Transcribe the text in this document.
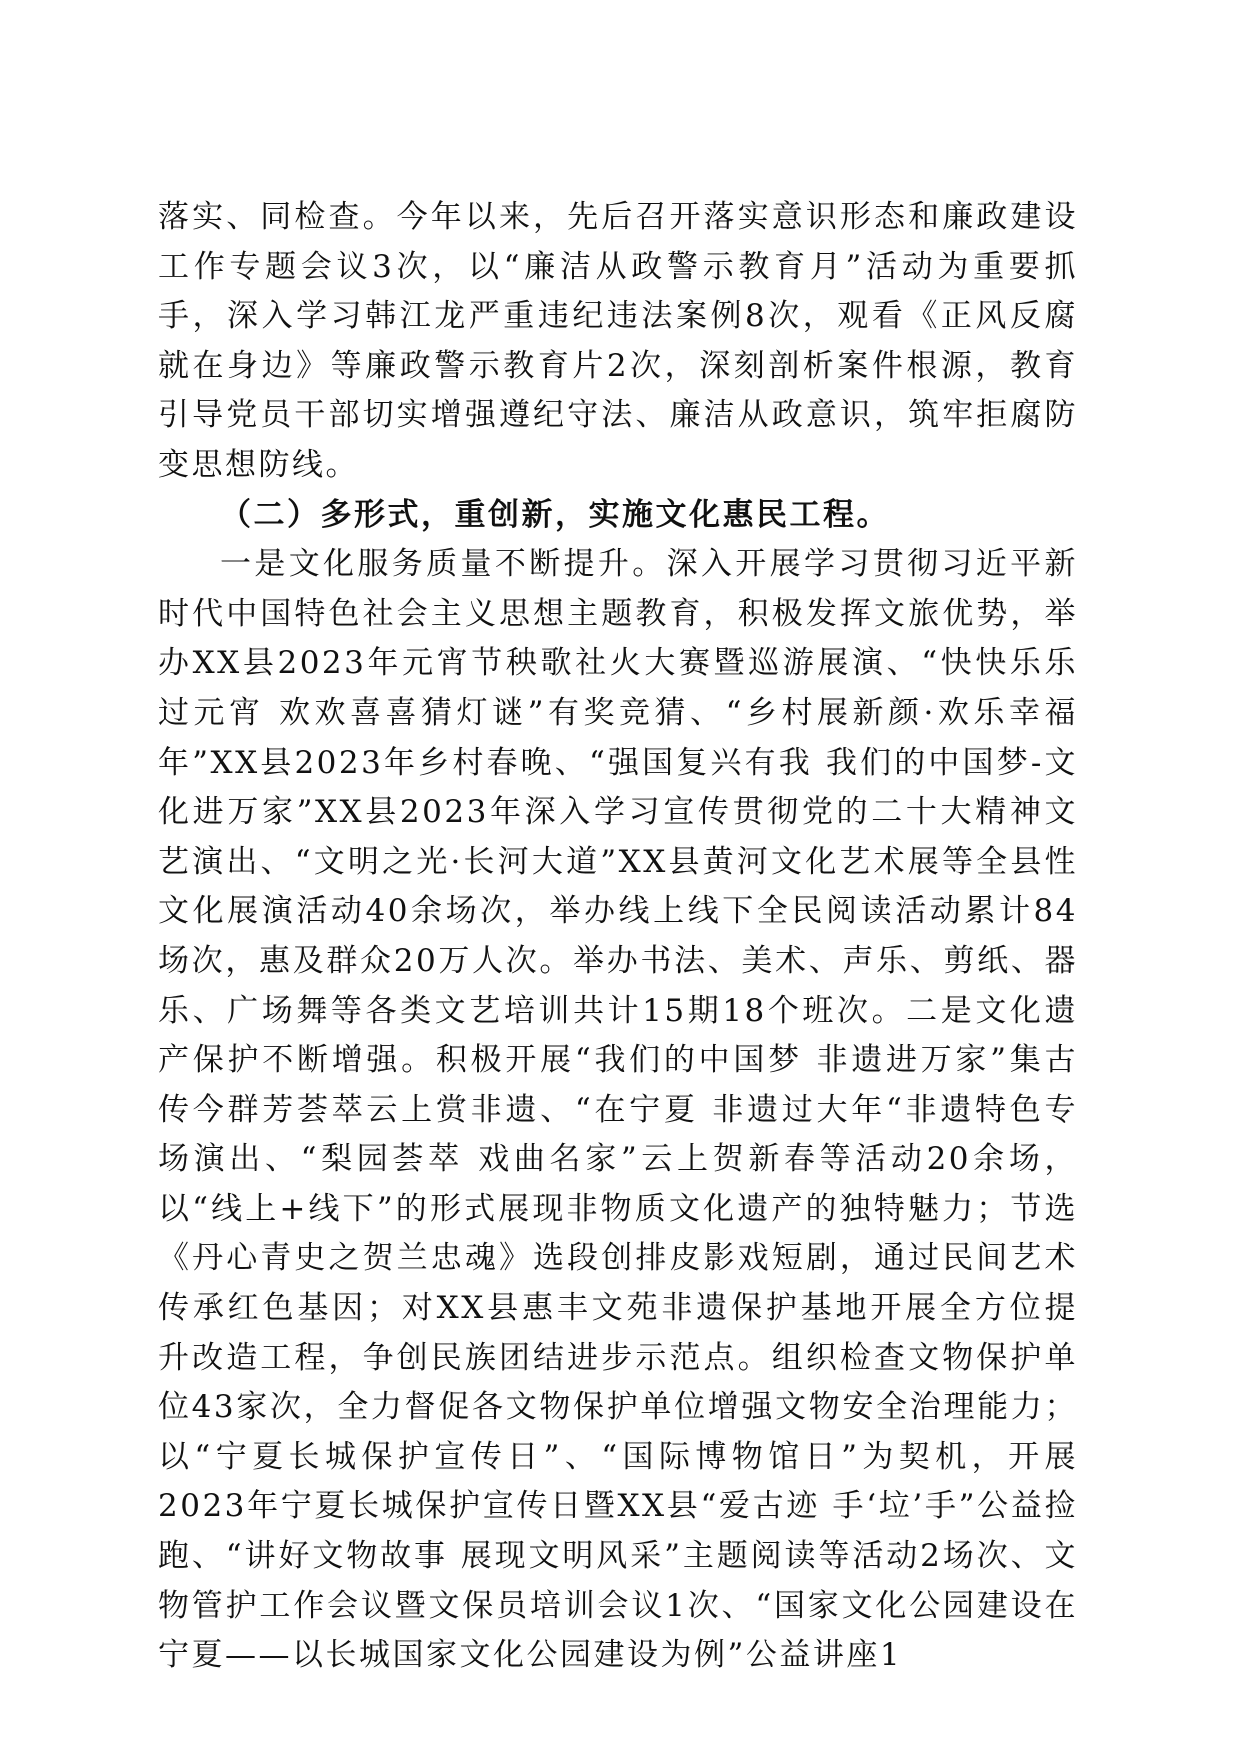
落实、同检查。今年以来，先后召开落实意识形态和廉政建设工作专题会议3次，以“廉洁从政警示教育月”活动为重要抓手，深入学习韩江龙严重违纪违法案例8次，观看《正风反腐就在身边》等廉政警示教育片2次，深刻剖析案件根源，教育引导党员干部切实增强遵纪守法、廉洁从政意识，筑牢拒腐防变思想防线。

（二）多形式，重创新，实施文化惠民工程。

一是文化服务质量不断提升。深入开展学习贯彻习近平新时代中国特色社会主义思想主题教育，积极发挥文旅优势，举办XX县2023年元宵节秧歌社火大赛暨巡游展演、“快快乐乐过元宵 欢欢喜喜猜灯谜”有奖竞猜、“乡村展新颜·欢乐幸福年”XX县2023年乡村春晚、“强国复兴有我 我们的中国梦-文化进万家”XX县2023年深入学习宣传贯彻党的二十大精神文艺演出、“文明之光·长河大道”XX县黄河文化艺术展等全县性文化展演活动40余场次，举办线上线下全民阅读活动累计84场次，惠及群众20万人次。举办书法、美术、声乐、剪纸、器乐、广场舞等各类文艺培训共计15期18个班次。二是文化遗产保护不断增强。积极开展“我们的中国梦 非遗进万家”集古传今群芳荟萃云上赏非遗、“在宁夏 非遗过大年“非遗特色专场演出、“梨园荟萃 戏曲名家”云上贺新春等活动20余场，以“线上+线下”的形式展现非物质文化遗产的独特魅力；节选《丹心青史之贺兰忠魂》选段创排皮影戏短剧，通过民间艺术传承红色基因；对XX县惠丰文苑非遗保护基地开展全方位提升改造工程，争创民族团结进步示范点。组织检查文物保护单位43家次，全力督促各文物保护单位增强文物安全治理能力；以“宁夏长城保护宣传日”、“国际博物馆日”为契机，开展2023年宁夏长城保护宣传日暨XX县“爱古迹 手‘垃’手”公益捡跑、“讲好文物故事 展现文明风采”主题阅读等活动2场次、文物管护工作会议暨文保员培训会议1次、“国家文化公园建设在宁夏——以长城国家文化公园建设为例”公益讲座1
